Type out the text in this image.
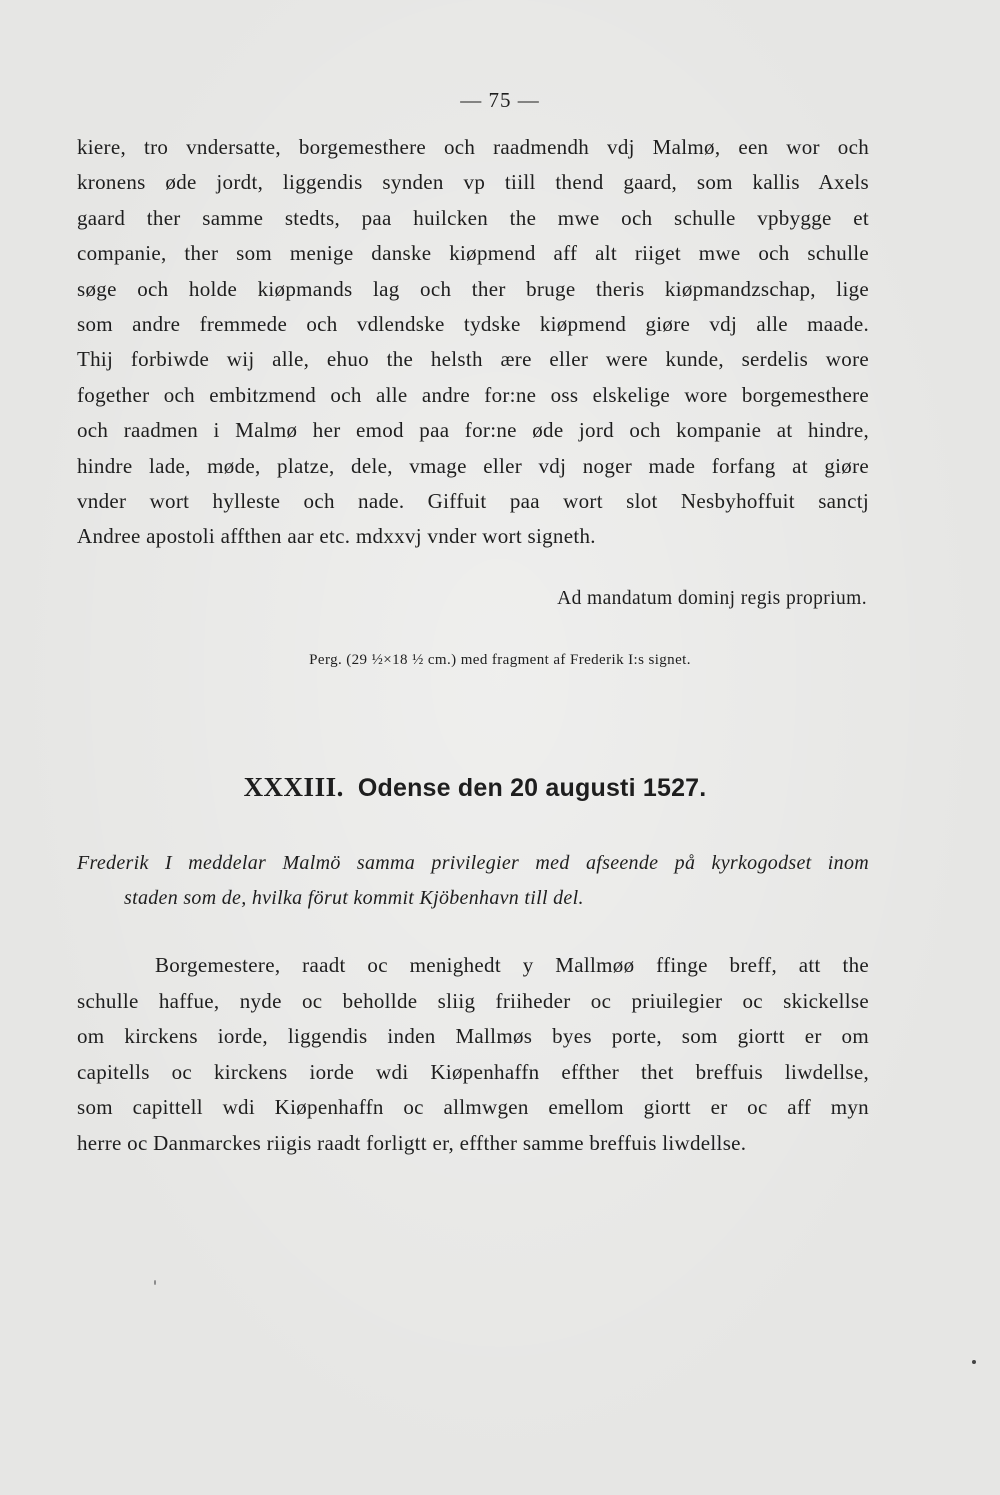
— 75 —

kiere, tro vndersatte, borgemesthere och raadmendh vdj Malmø, een wor och

kronens øde jordt, liggendis synden vp tiill thend gaard, som kallis Axels

gaard ther samme stedts, paa huilcken the mwe och schulle vpbygge et

companie, ther som menige danske kiøpmend aff alt riiget mwe och schulle

søge och holde kiøpmands lag och ther bruge theris kiøpmandzschap, lige

som andre fremmede och vdlendske tydske kiøpmend giøre vdj alle maade.

Thij forbiwde wij alle, ehuo the helsth ære eller were kunde, serdelis wore

fogether och embitzmend och alle andre for:ne oss elskelige wore borgemesthere

och raadmen i Malmø her emod paa for:ne øde jord och kompanie at hindre,

hindre lade, møde, platze, dele, vmage eller vdj noger made forfang at giøre

vnder wort hylleste och nade. Giffuit paa wort slot Nesbyhoffuit sanctj

Andree apostoli affthen aar etc. mdxxvj vnder wort signeth.

Ad mandatum dominj regis proprium.
Perg. (29 ½×18 ½ cm.) med fragment af Frederik I:s signet.
XXXIII. Odense den 20 augusti 1527.
Frederik I meddelar Malmö samma privilegier med afseende på kyrkogodset inom
staden som de, hvilka förut kommit Kjöbenhavn till del.

Borgemestere, raadt oc menighedt y Mallmøø ffinge breff, att the

schulle haffue, nyde oc behollde sliig friiheder oc priuilegier oc skickellse

om kirckens iorde, liggendis inden Mallmøs byes porte, som giortt er om

capitells oc kirckens iorde wdi Kiøpenhaffn effther thet breffuis liwdellse,

som capittell wdi Kiøpenhaffn oc allmwgen emellom giortt er oc aff myn

herre oc Danmarckes riigis raadt forligtt er, effther samme breffuis liwdellse.
